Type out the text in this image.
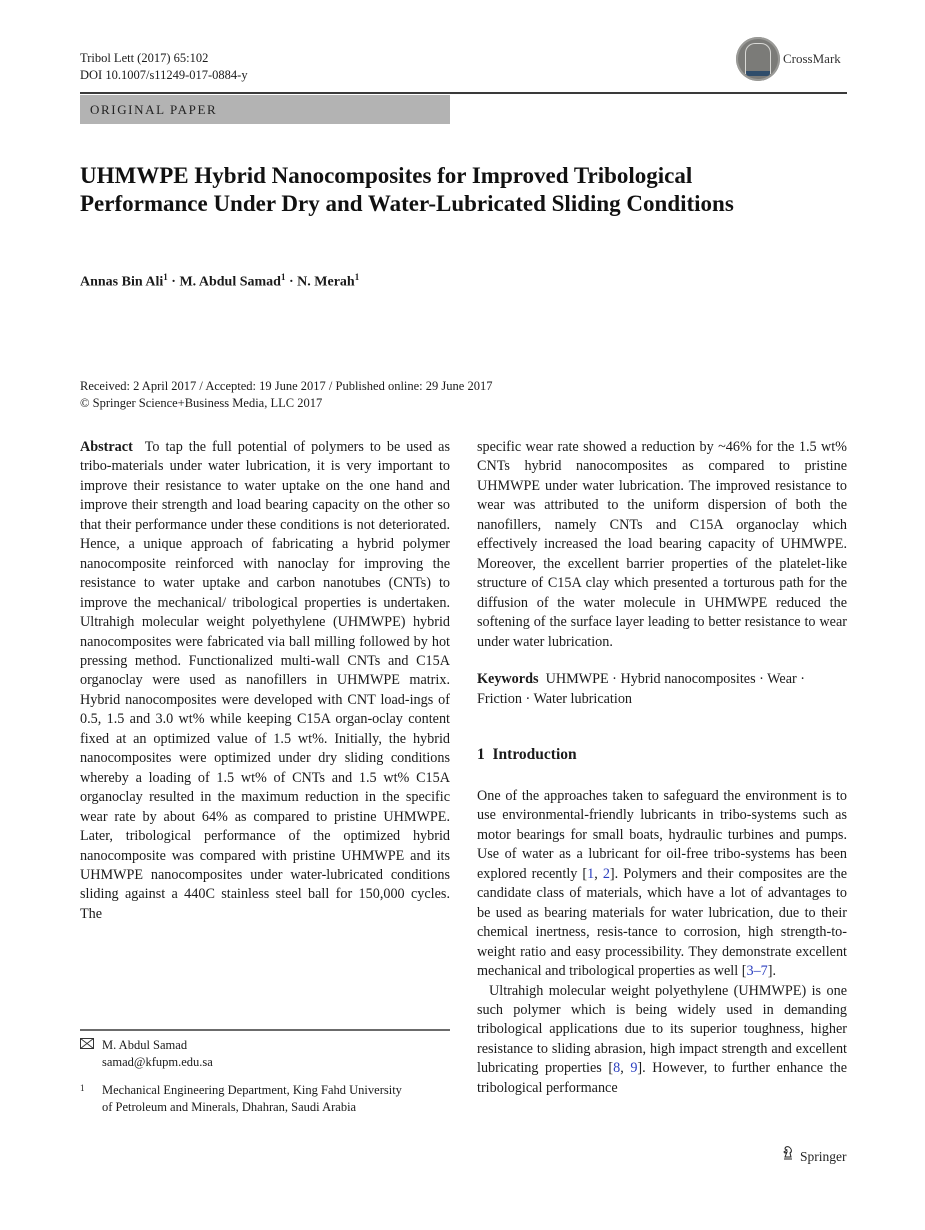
Tribol Lett (2017) 65:102
DOI 10.1007/s11249-017-0884-y
CrossMark
ORIGINAL PAPER
UHMWPE Hybrid Nanocomposites for Improved Tribological Performance Under Dry and Water-Lubricated Sliding Conditions
Annas Bin Ali$^1$ · M. Abdul Samad$^1$ · N. Merah$^1$
Received: 2 April 2017 / Accepted: 19 June 2017 / Published online: 29 June 2017
© Springer Science+Business Media, LLC 2017
Abstract To tap the full potential of polymers to be used as tribo-materials under water lubrication, it is very important to improve their resistance to water uptake on the one hand and improve their strength and load bearing capacity on the other so that their performance under these conditions is not deteriorated. Hence, a unique approach of fabricating a hybrid polymer nanocomposite reinforced with nanoclay for improving the resistance to water uptake and carbon nanotubes (CNTs) to improve the mechanical/ tribological properties is undertaken. Ultrahigh molecular weight polyethylene (UHMWPE) hybrid nanocomposites were fabricated via ball milling followed by hot pressing method. Functionalized multi-wall CNTs and C15A organoclay were used as nanofillers in UHMWPE matrix. Hybrid nanocomposites were developed with CNT load-ings of 0.5, 1.5 and 3.0 wt% while keeping C15A organ-oclay content fixed at an optimized value of 1.5 wt%. Initially, the hybrid nanocomposites were optimized under dry sliding conditions whereby a loading of 1.5 wt% of CNTs and 1.5 wt% C15A organoclay resulted in the maximum reduction in the specific wear rate by about 64% as compared to pristine UHMWPE. Later, tribological performance of the optimized hybrid nanocomposite was compared with pristine UHMWPE and its UHMWPE nanocomposites under water-lubricated conditions sliding against a 440C stainless steel ball for 150,000 cycles. The
specific wear rate showed a reduction by ~46% for the 1.5 wt% CNTs hybrid nanocomposites as compared to pristine UHMWPE under water lubrication. The improved resistance to wear was attributed to the uniform dispersion of both the nanofillers, namely CNTs and C15A organoclay which effectively increased the load bearing capacity of UHMWPE. Moreover, the excellent barrier properties of the platelet-like structure of C15A clay which presented a torturous path for the diffusion of the water molecule in UHMWPE reduced the softening of the surface layer leading to better resistance to wear under water lubrication.
Keywords UHMWPE · Hybrid nanocomposites · Wear · Friction · Water lubrication
1  Introduction

One of the approaches taken to safeguard the environment is to use environmental-friendly lubricants in tribo-systems such as motor bearings for small boats, hydraulic turbines and pumps. Use of water as a lubricant for oil-free tribo-systems has been explored recently [1, 2]. Polymers and their composites are the candidate class of materials, which have a lot of advantages to be used as bearing materials for water lubrication, due to their chemical inertness, resis-tance to corrosion, high strength-to-weight ratio and easy processibility. They demonstrate excellent mechanical and tribological properties as well [3–7].

Ultrahigh molecular weight polyethylene (UHMWPE) is one such polymer which is being widely used in demanding tribological applications due to its superior toughness, higher resistance to sliding abrasion, high impact strength and excellent lubricating properties [8, 9]. However, to further enhance the tribological performance

M. Abdul Samad
samad@kfupm.edu.sa
1 Mechanical Engineering Department, King Fahd University
of Petroleum and Minerals, Dhahran, Saudi Arabia
Springer
